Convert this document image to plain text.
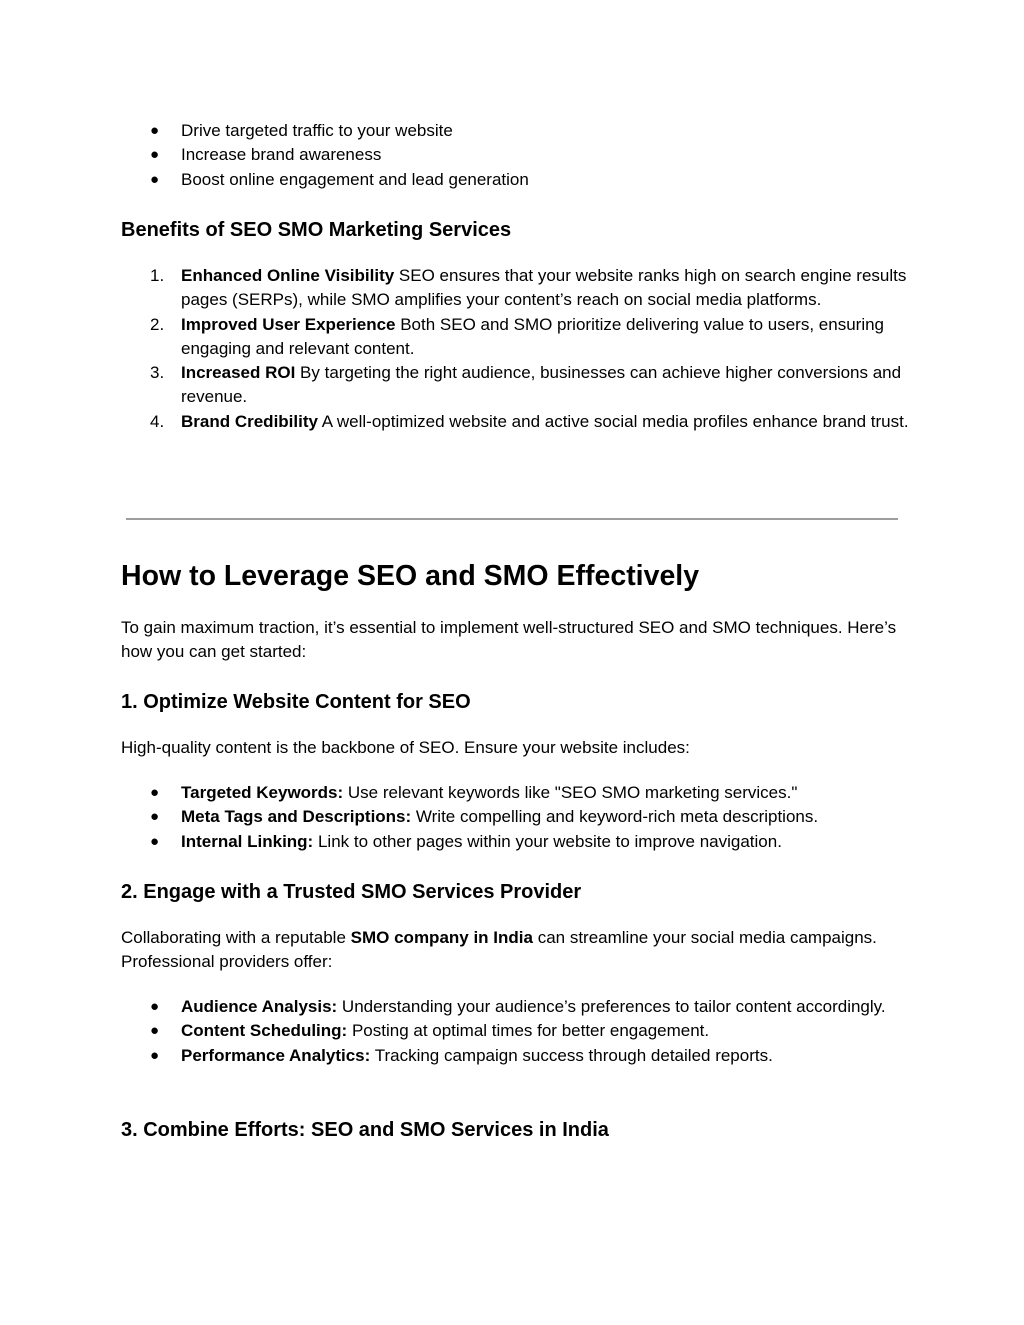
● Drive targeted traffic to your website
● Increase brand awareness
● Boost online engagement and lead generation
Benefits of SEO SMO Marketing Services
1. Enhanced Online Visibility SEO ensures that your website ranks high on search engine results pages (SERPs), while SMO amplifies your content’s reach on social media platforms.
2. Improved User Experience Both SEO and SMO prioritize delivering value to users, ensuring engaging and relevant content.
3. Increased ROI By targeting the right audience, businesses can achieve higher conversions and revenue.
4. Brand Credibility A well-optimized website and active social media profiles enhance brand trust.
How to Leverage SEO and SMO Effectively

To gain maximum traction, it’s essential to implement well-structured SEO and SMO techniques. Here’s how you can get started:

1. Optimize Website Content for SEO

High-quality content is the backbone of SEO. Ensure your website includes:

● Targeted Keywords: Use relevant keywords like "SEO SMO marketing services."
● Meta Tags and Descriptions: Write compelling and keyword-rich meta descriptions.
● Internal Linking: Link to other pages within your website to improve navigation.
2. Engage with a Trusted SMO Services Provider

Collaborating with a reputable SMO company in India can streamline your social media campaigns. Professional providers offer:

● Audience Analysis: Understanding your audience’s preferences to tailor content accordingly.
● Content Scheduling: Posting at optimal times for better engagement.
● Performance Analytics: Tracking campaign success through detailed reports.
3. Combine Efforts: SEO and SMO Services in India
